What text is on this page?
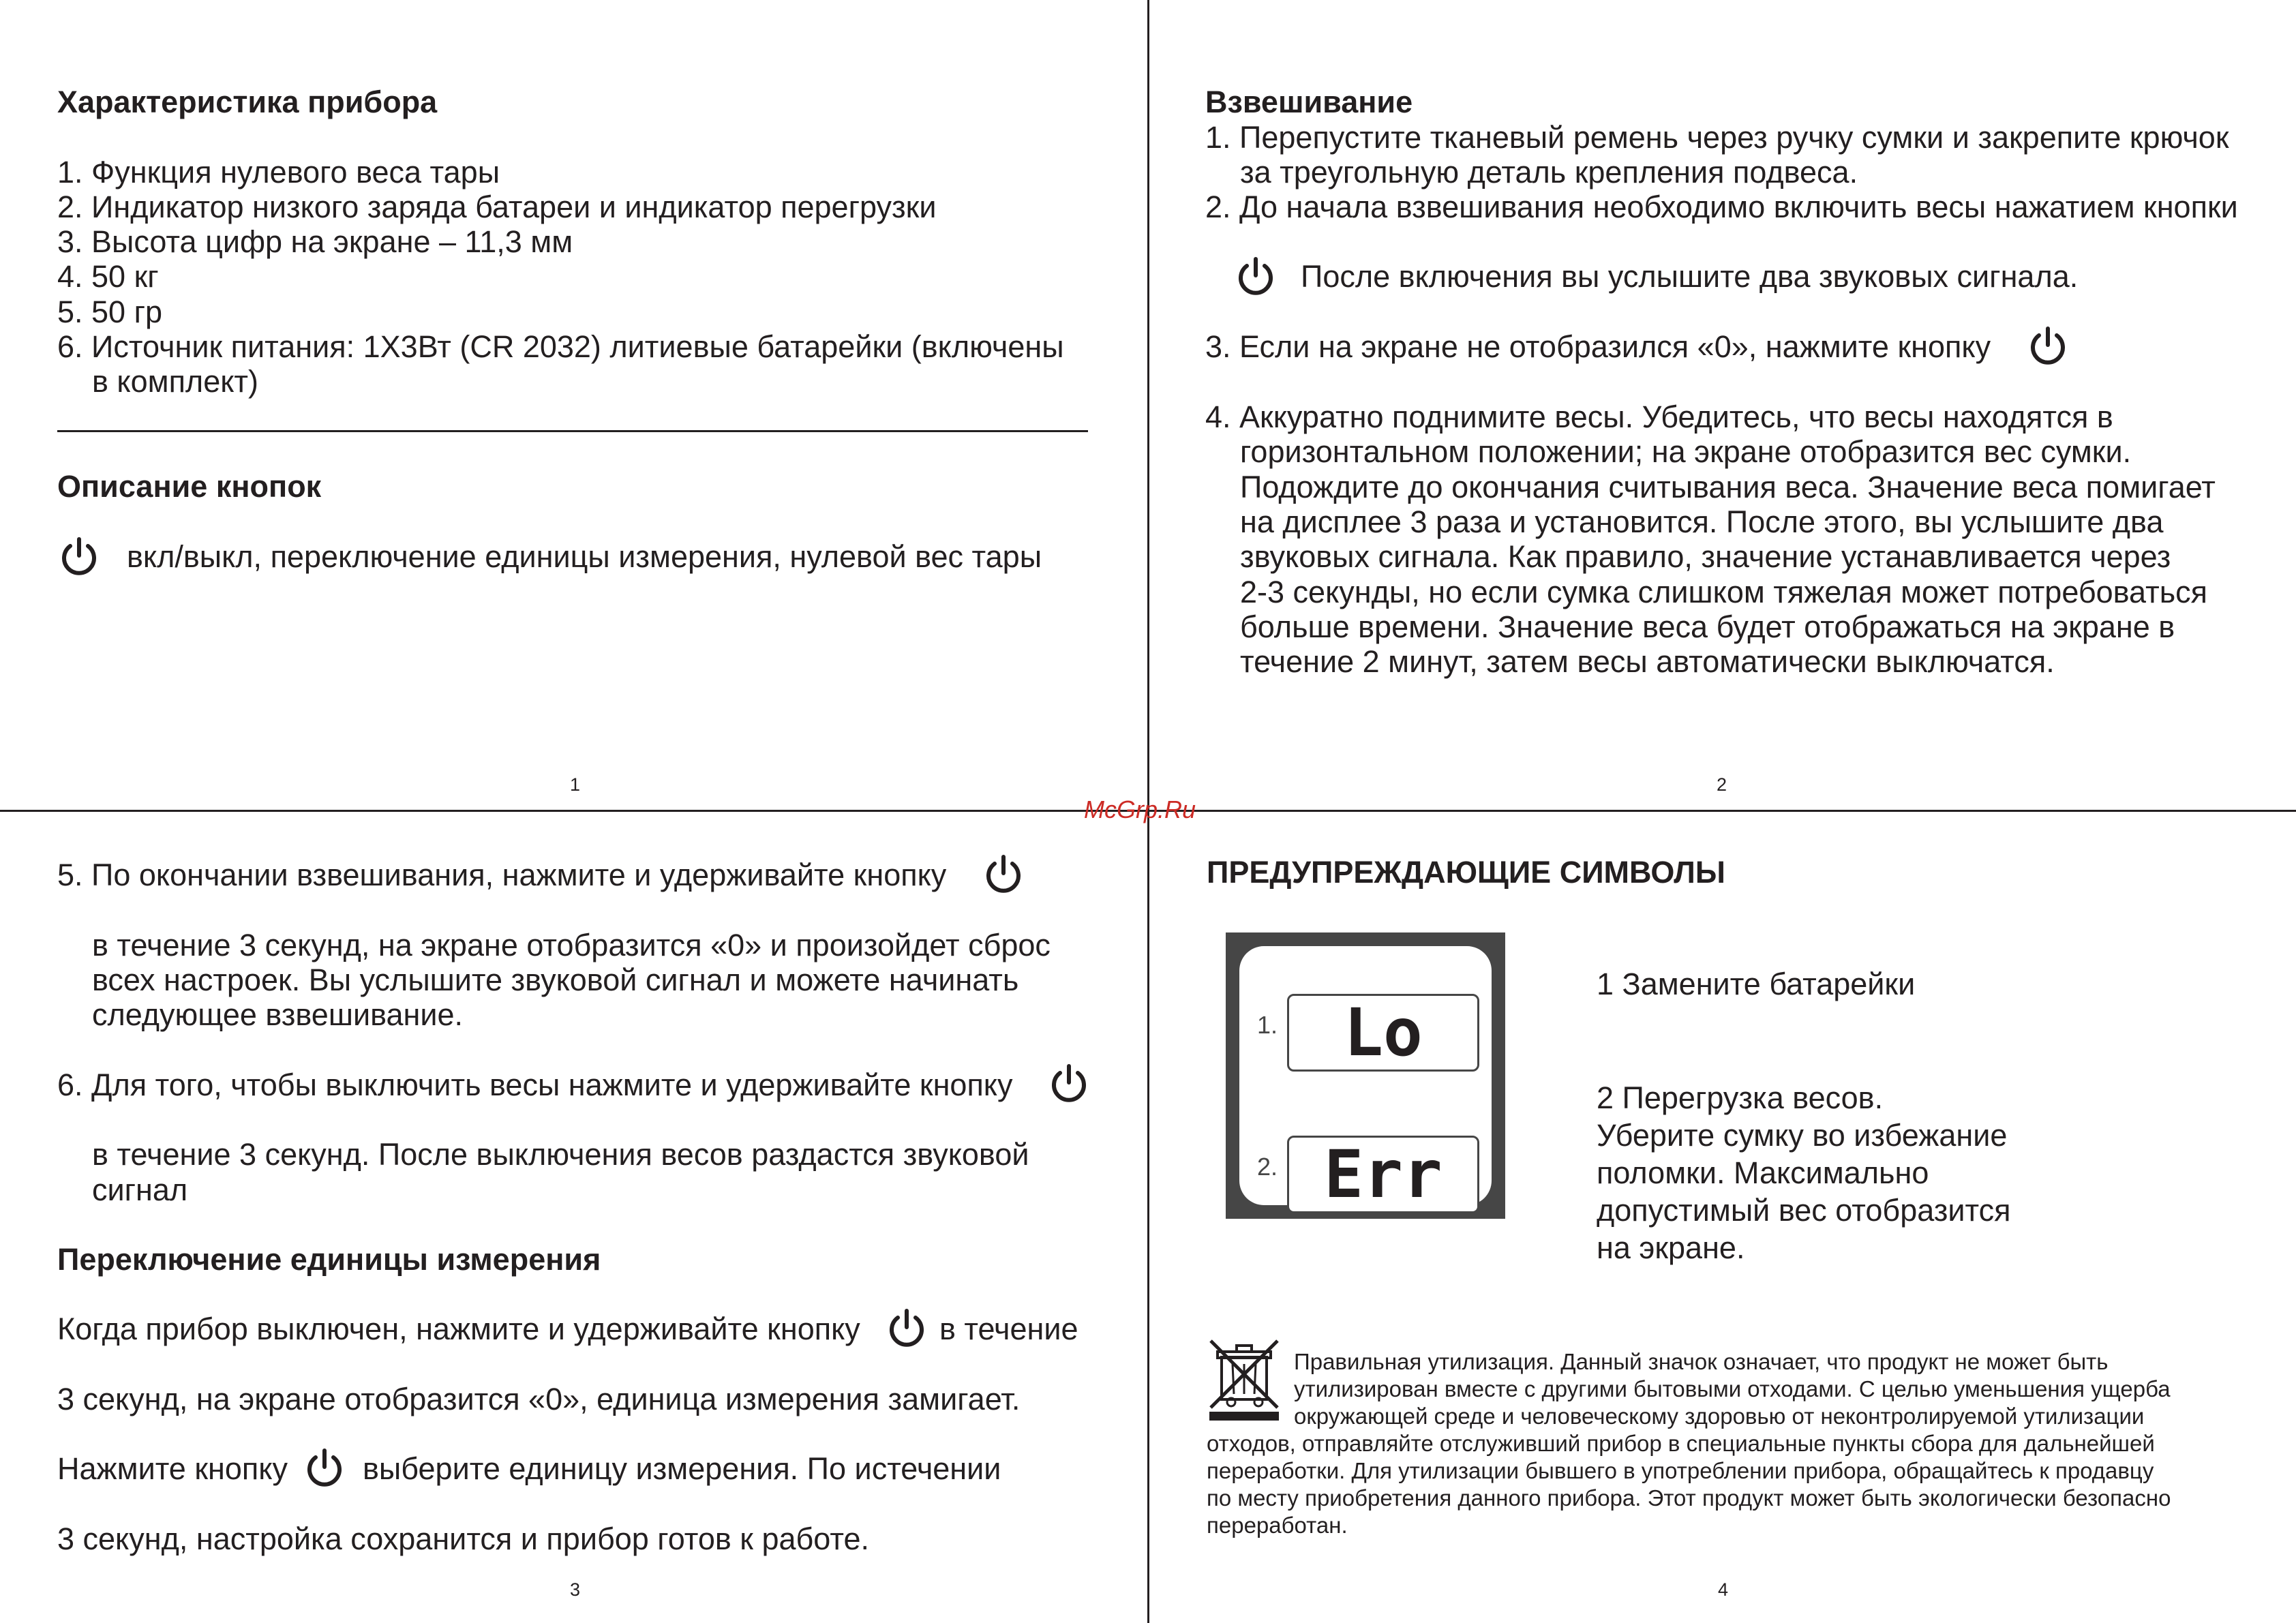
McGrp.Ru
Характеристика прибора
1. Функция нулевого веса тары
2. Индикатор низкого заряда батареи и индикатор перегрузки
3. Высота цифр на экране – 11,3 мм
4. 50 кг
5. 50 гр
6. Источник питания: 1Х3Вт (CR 2032) литиевые батарейки (включены
в комплект)
Описание кнопок
вкл/выкл, переключение единицы измерения, нулевой вес тары
1
Взвешивание
1. Перепустите тканевый ремень через ручку сумки и закрепите крючок
за треугольную деталь крепления подвеса.
2. До начала взвешивания необходимо включить весы нажатием кнопки
После включения вы услышите два звуковых сигнала.
3. Если на экране не отобразился «0», нажмите кнопку
4. Аккуратно поднимите весы. Убедитесь, что весы находятся в
горизонтальном положении; на экране отобразится вес сумки.
Подождите до окончания считывания веса. Значение веса помигает
на дисплее 3 раза и установится. После этого, вы услышите два
звуковых сигнала. Как правило, значение устанавливается через
2-3 секунды, но если сумка слишком тяжелая может потребоваться
больше времени. Значение веса будет отображаться на экране в
течение 2 минут, затем весы автоматически выключатся.
2
5. По окончании взвешивания, нажмите и удерживайте кнопку
в течение 3 секунд, на экране отобразится «0» и произойдет сброс
всех настроек. Вы услышите звуковой сигнал и можете начинать
следующее взвешивание.
6. Для того, чтобы выключить весы нажмите и удерживайте кнопку
в течение 3 секунд. После выключения весов раздастся звуковой
сигнал
Переключение единицы измерения
Когда прибор выключен, нажмите и удерживайте кнопку	в течение
3 секунд, на экране отобразится «0», единица измерения замигает.
Нажмите кнопку выберите единицу измерения. По истечении
3 секунд, настройка сохранится и прибор готов к работе.
3
ПРЕДУПРЕЖДАЮЩИЕ СИМВОЛЫ
1.	Lo
2. Err
1 Замените батарейки
2 Перегрузка весов.
Уберите сумку во избежание
поломки. Максимально
допустимый вес отобразится
на экране.
Правильная утилизация. Данный значок означает, что продукт не может быть
утилизирован вместе с другими бытовыми отходами. С целью уменьшения ущерба
окружающей среде и человеческому здоровью от неконтролируемой утилизации
отходов, отправляйте отслуживший прибор в специальные пункты сбора для дальнейшей
переработки. Для утилизации бывшего в употреблении прибора, обращайтесь к продавцу
по месту приобретения данного прибора. Этот продукт может быть экологически безопасно
переработан.
4
